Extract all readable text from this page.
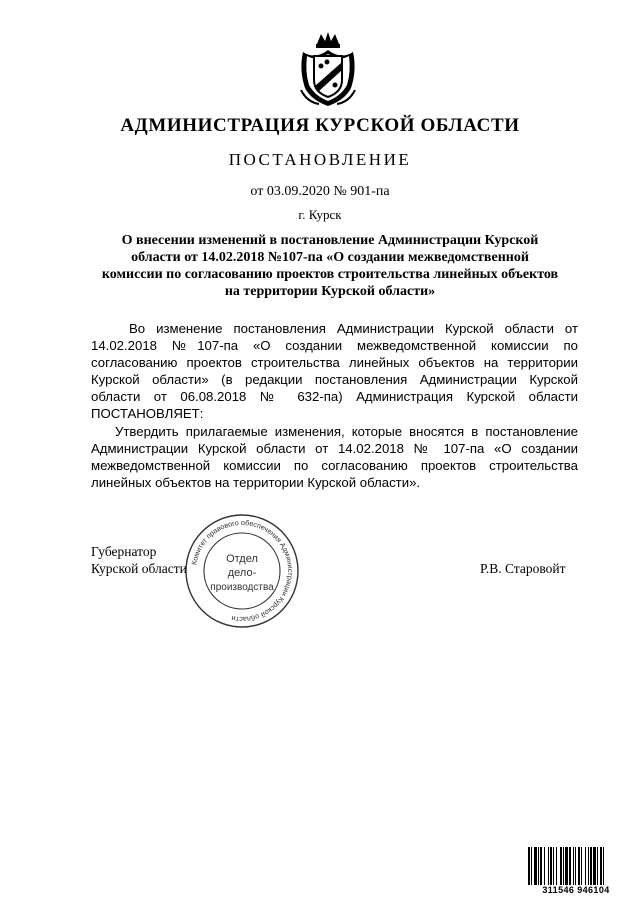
АДМИНИСТРАЦИЯ КУРСКОЙ ОБЛАСТИ
ПОСТАНОВЛЕНИЕ
от 03.09.2020 № 901-па
г. Курск
О внесении изменений в постановление Администрации Курской области от 14.02.2018 №107-па «О создании межведомственной комиссии по согласованию проектов строительства линейных объектов на территории Курской области»

Во изменение постановления Администрации Курской области от 14.02.2018 №107-па «О создании межведомственной комиссии по согласованию проектов строительства линейных объектов на территории Курской области» (в редакции постановления Администрации Курской области от 06.08.2018 № 632-па) Администрация Курской области ПОСТАНОВЛЯЕТ:

Утвердить прилагаемые изменения, которые вносятся в постановление Администрации Курской области от 14.02.2018 № 107-па «О создании межведомственной комиссии по согласованию проектов строительства линейных объектов на территории Курской области».

Губернатор
Курской области Комитет правового обеспечения Администрации Курской области
Отдел
дело-
производства
Р.В. Старовойт
311546 946104
